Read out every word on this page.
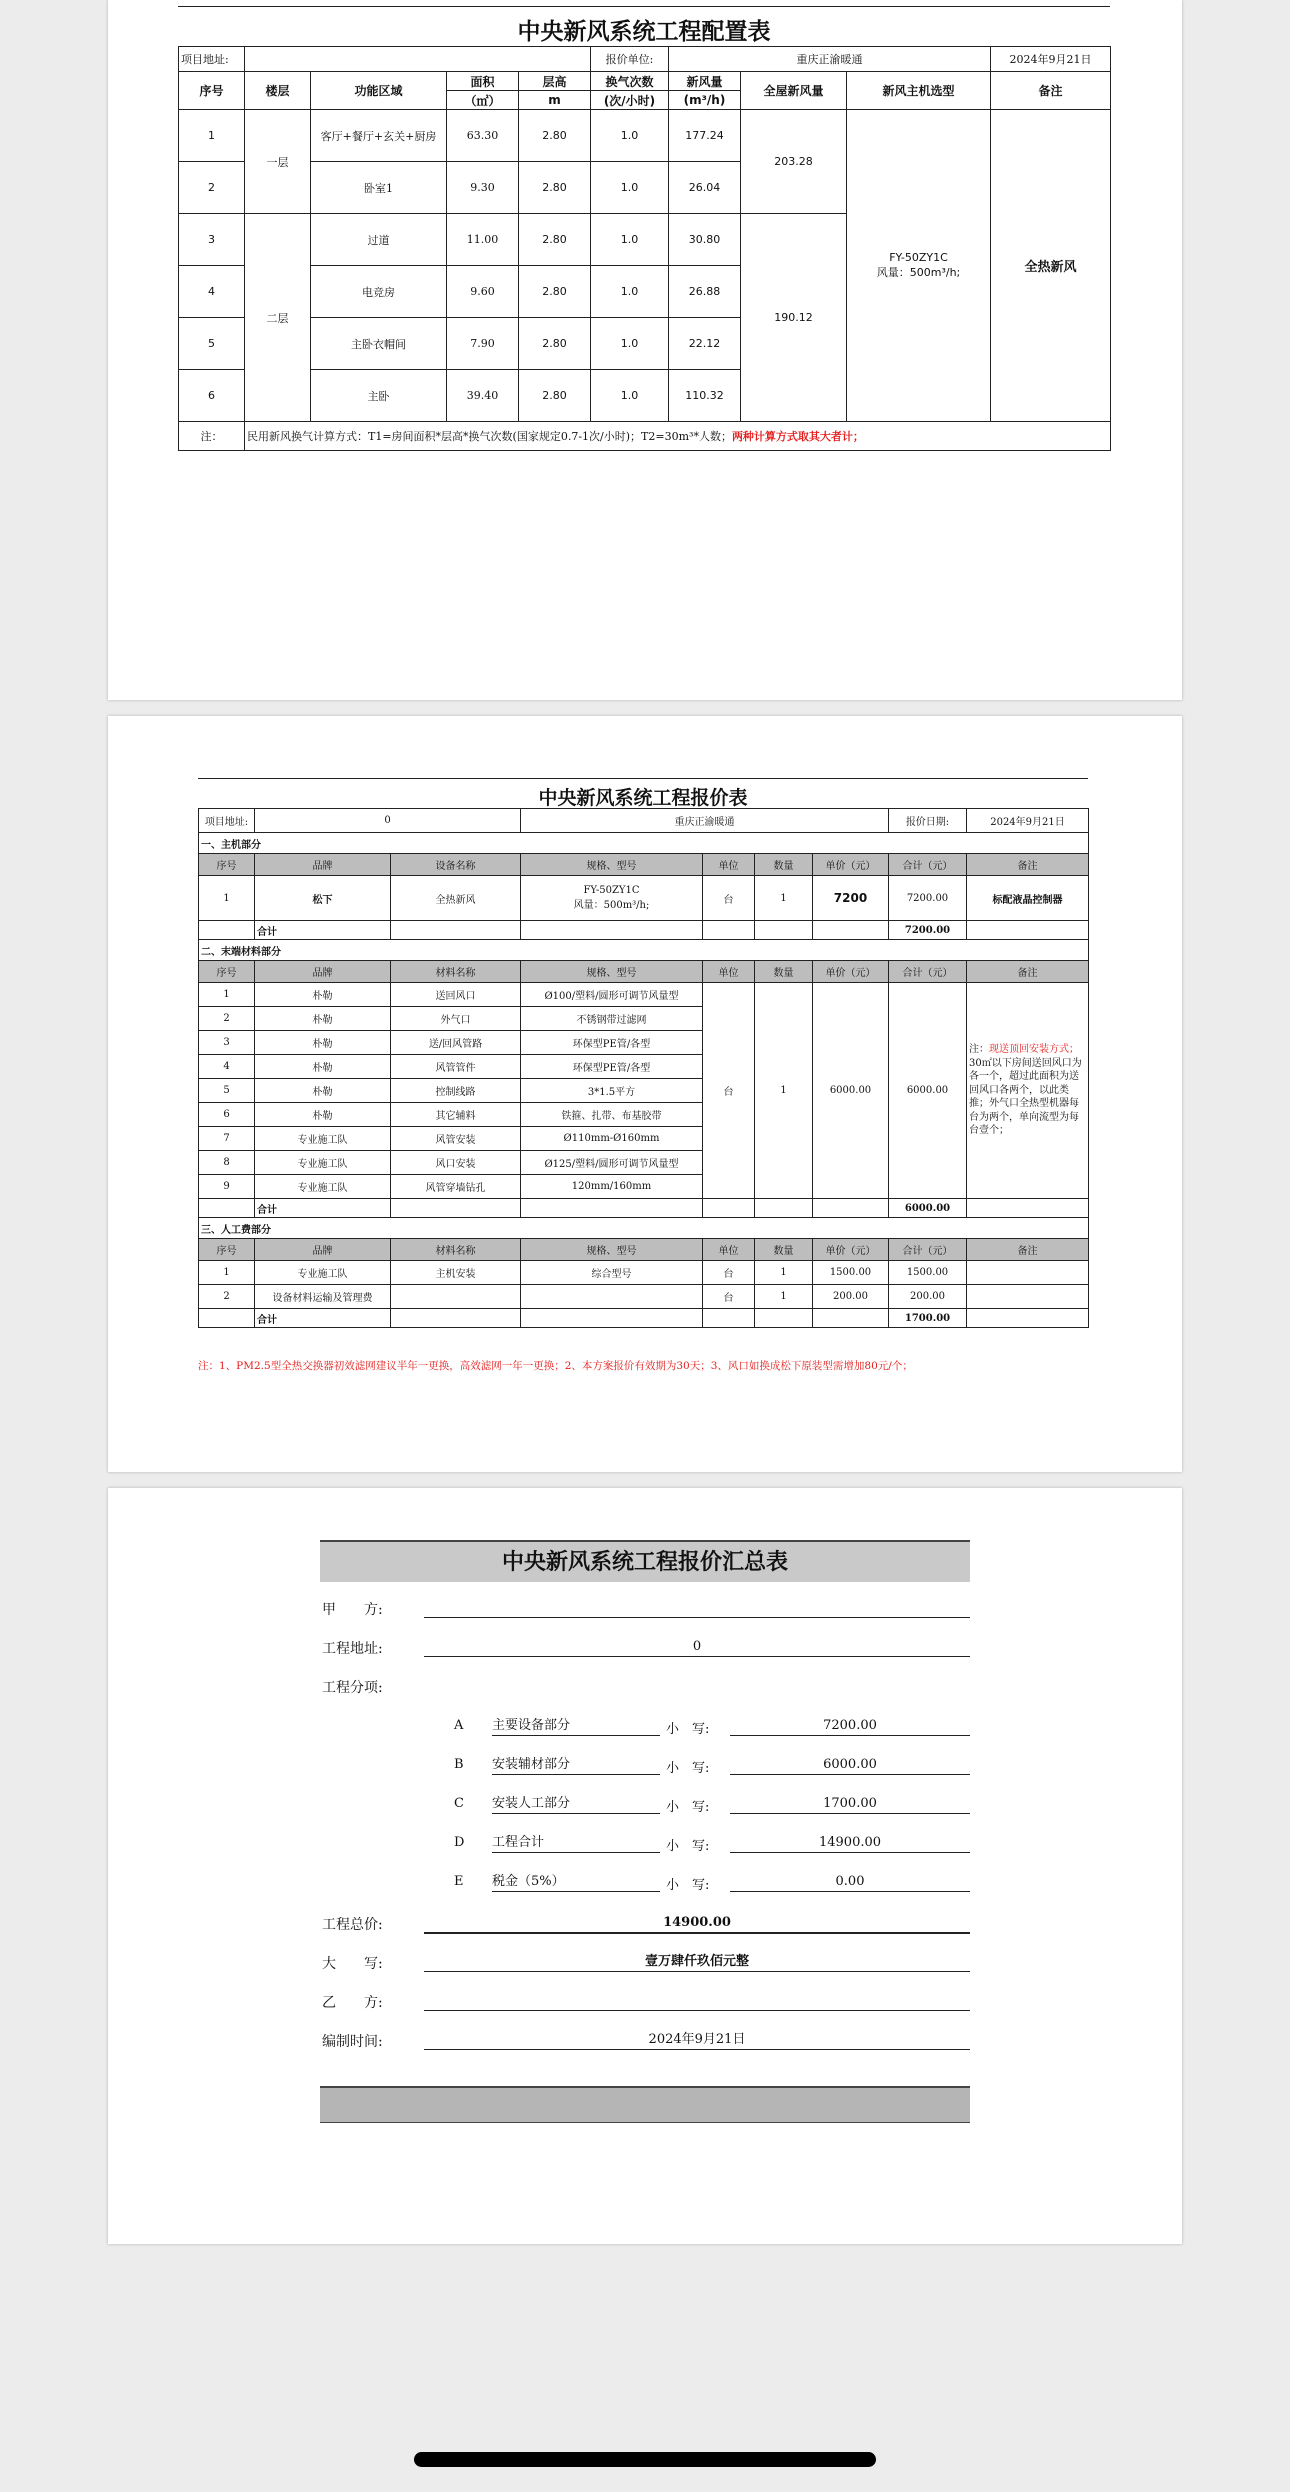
中央新风系统工程配置表
项目地址:					报价单位:	重庆正渝暖通			2024年9月21日
序号	楼层	功能区域	面积	层高	换气次数	新风量	全屋新风量	新风主机选型	备注
			（㎡）	m	(次/小时)	(m³/h)			
1	一层	客厅+餐厅+玄关+厨房	63.30	2.80	1.0	177.24	203.28	FY-50ZY1C
风量：500m³/h;	全热新风
2		卧室1	9.30	2.80	1.0	26.04			
3	二层	过道	11.00	2.80	1.0	30.80	190.12		
4		电竞房	9.60	2.80	1.0	26.88			
5		主卧衣帽间	7.90	2.80	1.0	22.12			
6		主卧	39.40	2.80	1.0	110.32			
注：	民用新风换气计算方式：T1=房间面积*层高*换气次数(国家规定0.7-1次/小时)；T2=30m³*人数；两种计算方式取其大者计；								
中央新风系统工程报价表
项目地址:	0		重庆正渝暖通				报价日期:	2024年9月21日
一、主机部分								
序号	品牌	设备名称	规格、型号	单位	数量	单价（元）	合计（元）	备注
1	松下	全热新风	FY-50ZY1C
风量：500m³/h;	台	1	7200	7200.00	标配液晶控制器
	合计						7200.00	
二、末端材料部分								
序号	品牌	材料名称	规格、型号	单位	数量	单价（元）	合计（元）	备注
1	朴勒	送回风口	Ø100/塑料/圆形可调节风量型	台	1	6000.00	6000.00	注：现送顶回安装方式；
30㎡以下房间送回风口为各一个，超过此面积为送回风口各两个，以此类推；外气口全热型机器每台为两个，单向流型为每台壹个；
2	朴勒	外气口	不锈钢带过滤网					
3	朴勒	送/回风管路	环保型PE管/各型					
4	朴勒	风管管件	环保型PE管/各型					
5	朴勒	控制线路	3*1.5平方					
6	朴勒	其它辅料	铁箍、扎带、布基胶带					
7	专业施工队	风管安装	Ø110mm-Ø160mm					
8	专业施工队	风口安装	Ø125/塑料/圆形可调节风量型					
9	专业施工队	风管穿墙钻孔	120mm/160mm					
	合计						6000.00	
三、人工费部分								
序号	品牌	材料名称	规格、型号	单位	数量	单价（元）	合计（元）	备注
1	专业施工队	主机安装	综合型号	台	1	1500.00	1500.00	
2	设备材料运输及管理费			台	1	200.00	200.00	
	合计						1700.00	
注：1、PM2.5型全热交换器初效滤网建议半年一更换，高效滤网一年一更换；2、本方案报价有效期为30天；3、风口如换成松下原装型需增加80元/个；
中央新风系统工程报价汇总表
甲　　方:
工程地址:	0
工程分项:
A 主要设备部分	小　写:	7200.00
B 安装辅材部分	小　写:	6000.00
C 安装人工部分	小　写:	1700.00
D 工程合计	小　写:	14900.00
E 税金（5%）	小　写:	0.00
工程总价:	14900.00
大　　写:	壹万肆仟玖佰元整
乙　　方:
编制时间:	2024年9月21日
